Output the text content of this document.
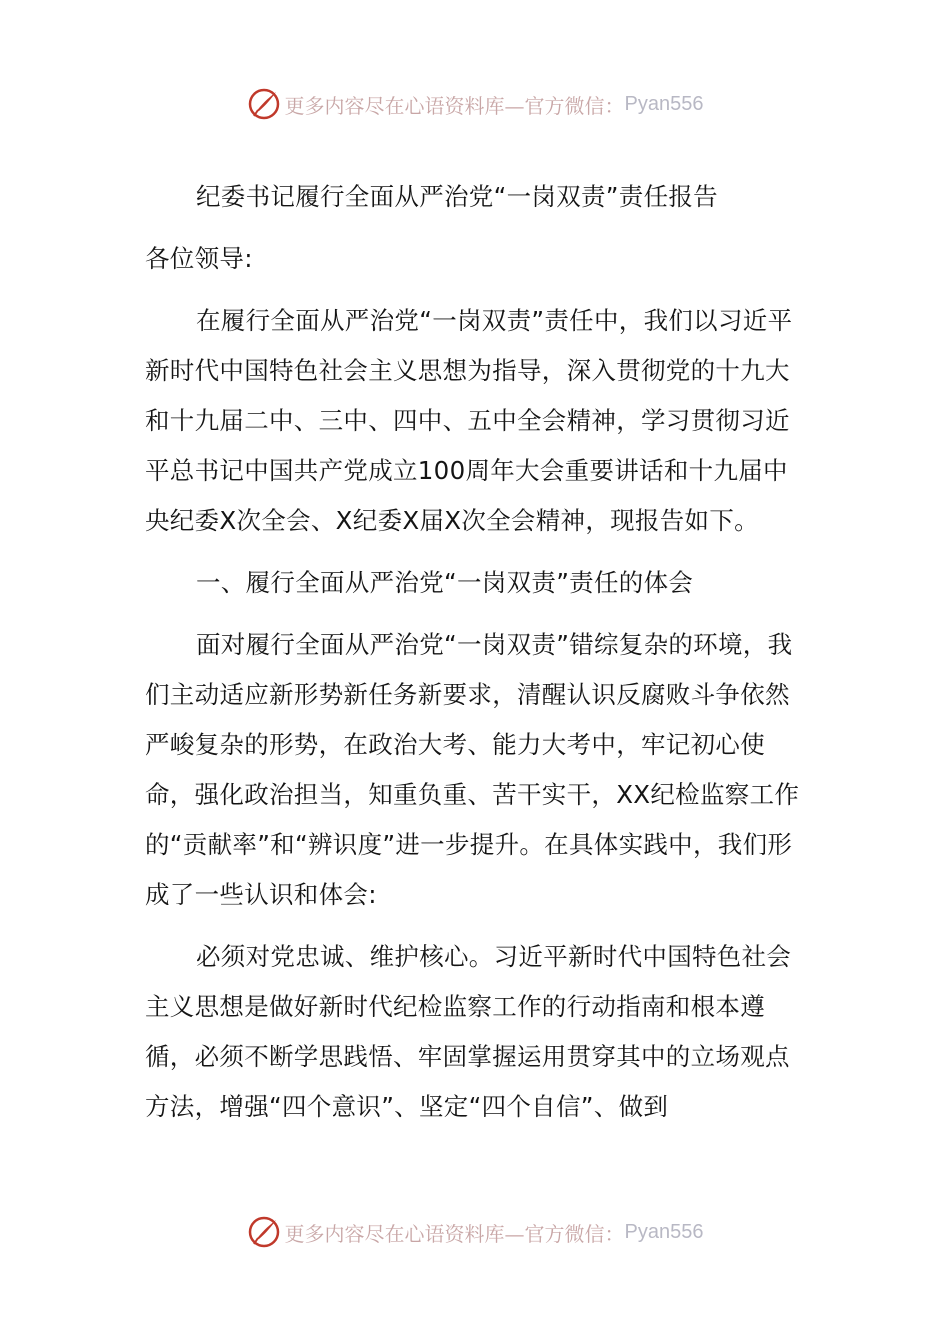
更多内容尽在心语资料库—官方微信： Pyan556

纪委书记履行全面从严治党“一岗双责”责任报告

各位领导:

在履行全面从严治党“一岗双责”责任中，我们以习近平新时代中国特色社会主义思想为指导，深入贯彻党的十九大和十九届二中、三中、四中、五中全会精神，学习贯彻习近平总书记中国共产党成立100周年大会重要讲话和十九届中央纪委X次全会、X纪委X届X次全会精神，现报告如下。

一、履行全面从严治党“一岗双责”责任的体会

面对履行全面从严治党“一岗双责”错综复杂的环境，我们主动适应新形势新任务新要求，清醒认识反腐败斗争依然严峻复杂的形势，在政治大考、能力大考中，牢记初心使命，强化政治担当，知重负重、苦干实干，XX纪检监察工作的“贡献率”和“辨识度”进一步提升。在具体实践中，我们形成了一些认识和体会:

必须对党忠诚、维护核心。习近平新时代中国特色社会主义思想是做好新时代纪检监察工作的行动指南和根本遵循，必须不断学思践悟、牢固掌握运用贯穿其中的立场观点方法，增强“四个意识”、坚定“四个自信”、做到

更多内容尽在心语资料库—官方微信： Pyan556
